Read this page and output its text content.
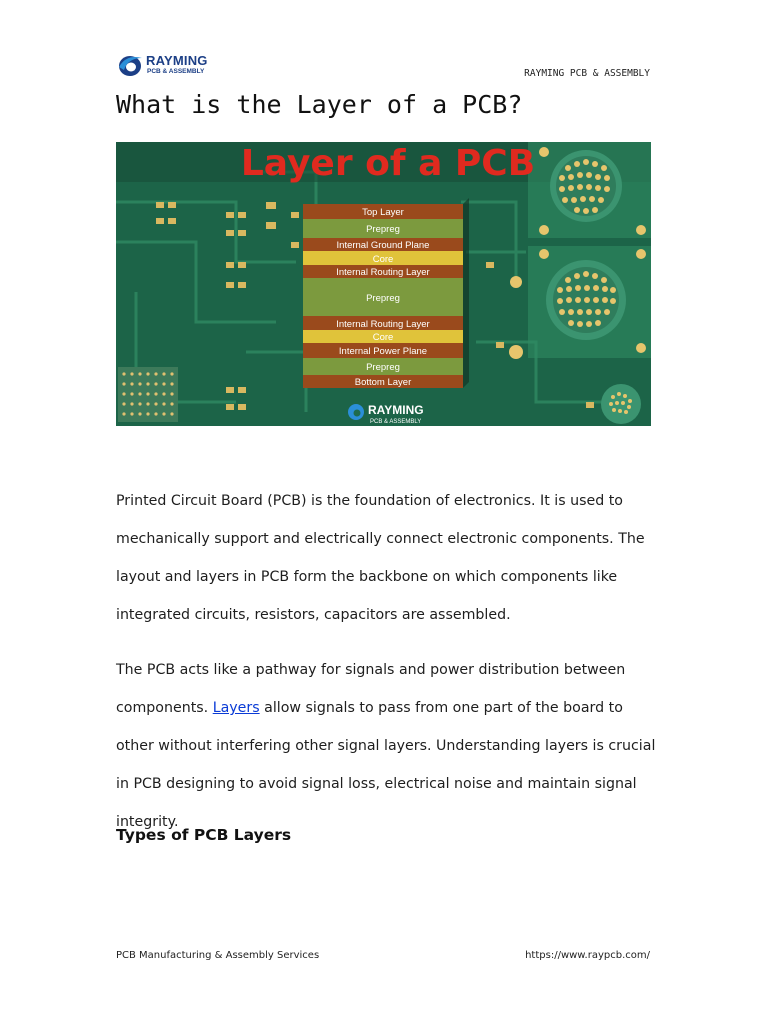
RAYMING
PCB & ASSEMBLY	RAYMING PCB & ASSEMBLY
What is the Layer of a PCB?
Top Layer
Prepreg
Internal Ground Plane
Core
Internal Routing Layer
Prepreg
Internal Routing Layer
Core
Internal Power Plane
Prepreg
Bottom Layer
Layer of a PCB
RAYMING
PCB & ASSEMBLY

Printed Circuit Board (PCB) is the foundation of electronics. It is used to mechanically support and electrically connect electronic components. The layout and layers in PCB form the backbone on which components like integrated circuits, resistors, capacitors are assembled.

The PCB acts like a pathway for signals and power distribution between components. Layers allow signals to pass from one part of the board to other without interfering other signal layers. Understanding layers is crucial in PCB designing to avoid signal loss, electrical noise and maintain signal integrity.

Types of PCB Layers
PCB Manufacturing & Assembly Services	https://www.raypcb.com/
